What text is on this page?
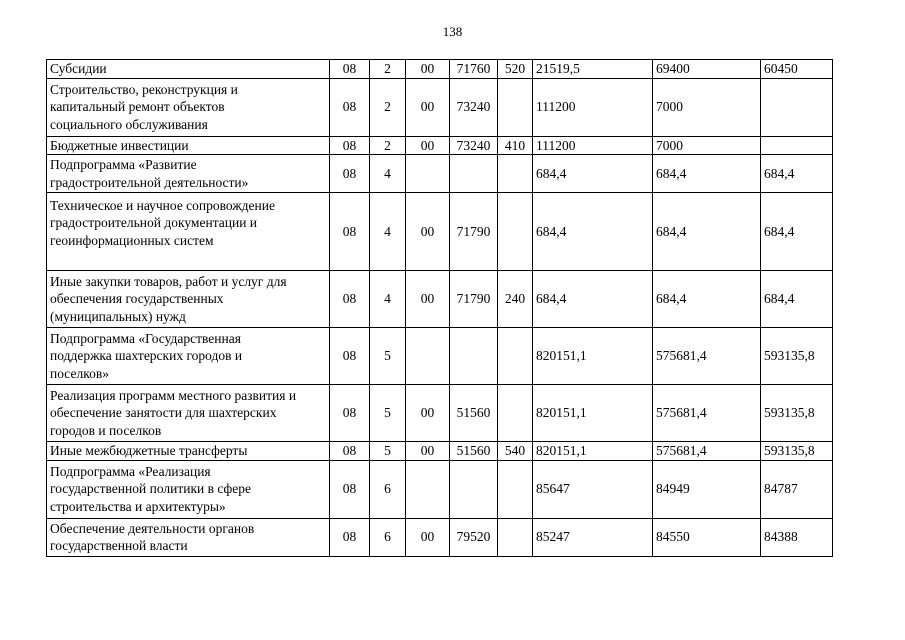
138
Субсидии	08	2	00	71760	520	21519,5	69400	60450

Строительство, реконструкция и
капитальный ремонт объектов
социального обслуживания	08	2	00	73240		111200	7000	

Бюджетные инвестиции	08	2	00	73240	410	111200	7000	

Подпрограмма «Развитие
градостроительной деятельности»	08	4				684,4	684,4	684,4

Техническое и научное сопровождение
градостроительной документации и
геоинформационных систем	08	4	00	71790		684,4	684,4	684,4

Иные закупки товаров, работ и услуг для
обеспечения государственных
(муниципальных) нужд	08	4	00	71790	240	684,4	684,4	684,4

Подпрограмма «Государственная
поддержка шахтерских городов и
поселков»	08	5				820151,1	575681,4	593135,8

Реализация программ местного развития и
обеспечение занятости для шахтерских
городов и поселков	08	5	00	51560		820151,1	575681,4	593135,8

Иные межбюджетные трансферты	08	5	00	51560	540	820151,1	575681,4	593135,8

Подпрограмма «Реализация
государственной политики в сфере
строительства и архитектуры»	08	6				85647	84949	84787

Обеспечение деятельности органов
государственной власти	08	6	00	79520		85247	84550	84388
